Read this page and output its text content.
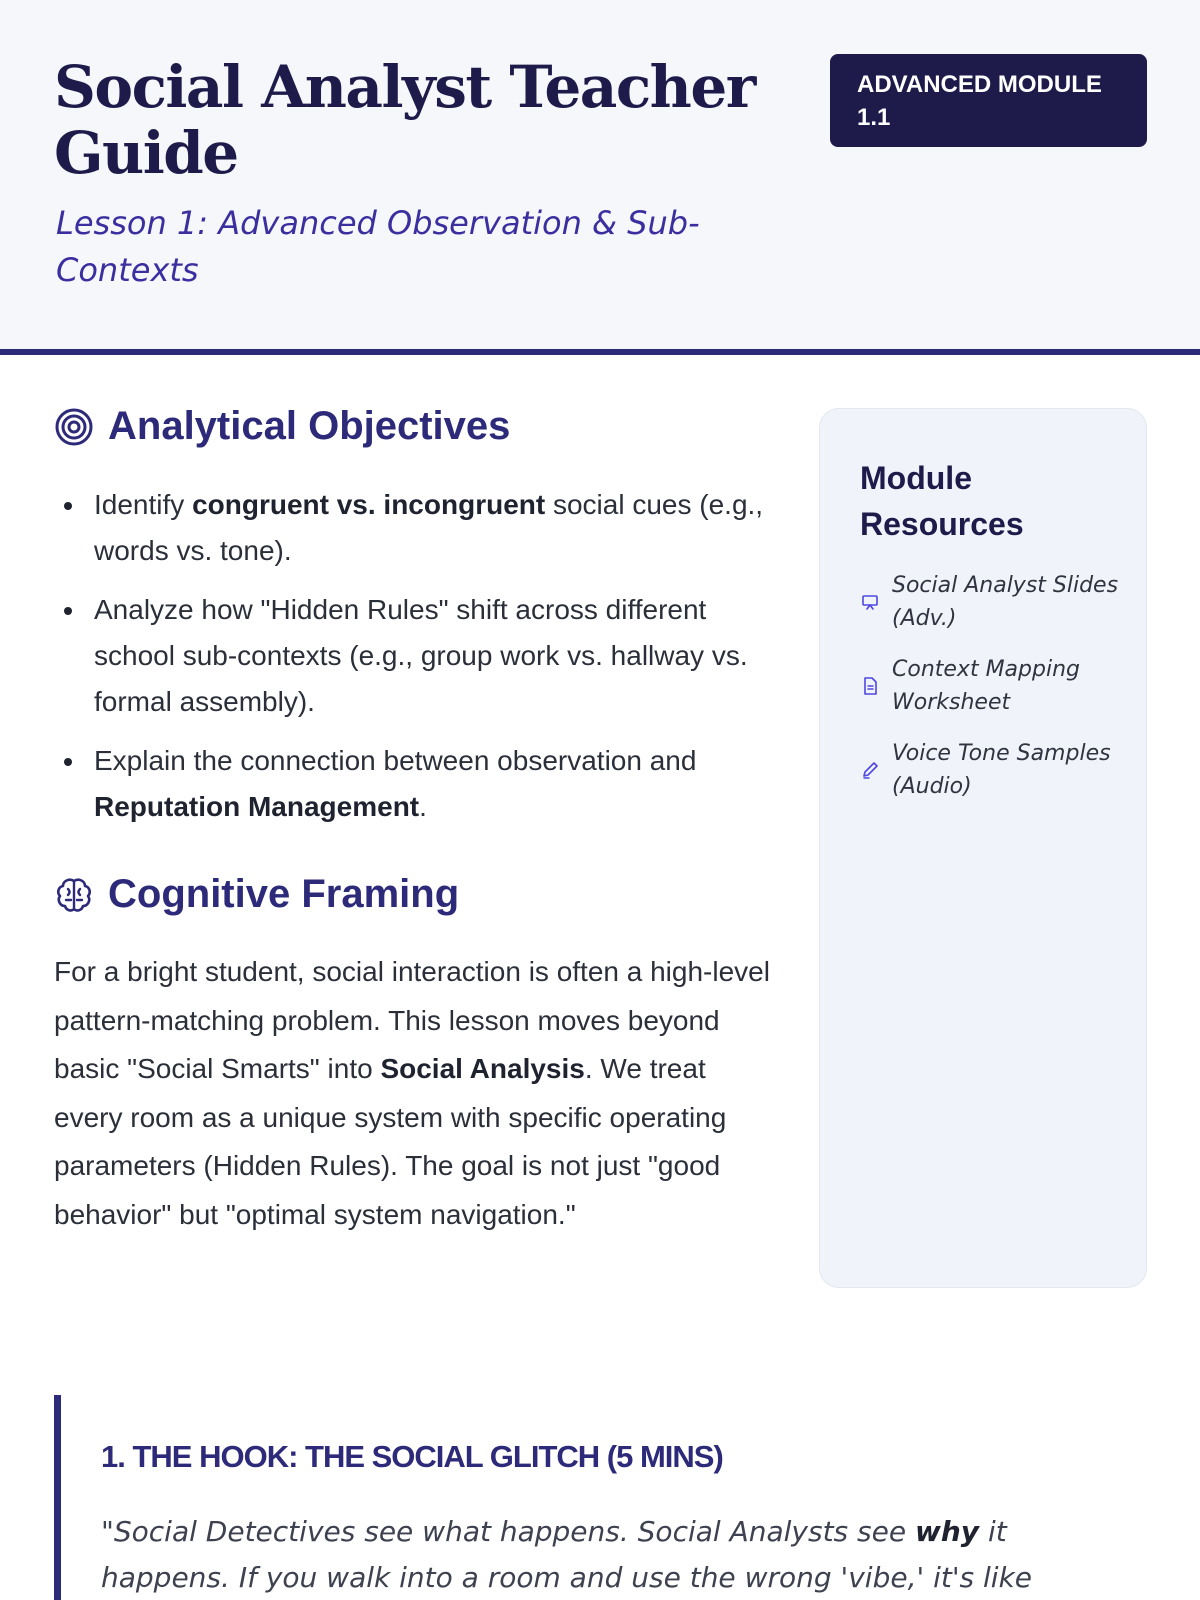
Social Analyst Teacher Guide
Lesson 1: Advanced Observation & Sub-Contexts
ADVANCED MODULE 1.1
Analytical Objectives
Identify congruent vs. incongruent social cues (e.g., words vs. tone).
Analyze how "Hidden Rules" shift across different school sub-contexts (e.g., group work vs. hallway vs. formal assembly).
Explain the connection between observation and Reputation Management.
Cognitive Framing

For a bright student, social interaction is often a high-level pattern-matching problem. This lesson moves beyond basic "Social Smarts" into Social Analysis. We treat every room as a unique system with specific operating parameters (Hidden Rules). The goal is not just "good behavior" but "optimal system navigation."

Module Resources
Social Analyst Slides (Adv.)
Context Mapping Worksheet
Voice Tone Samples (Audio)
1. THE HOOK: THE SOCIAL GLITCH (5 MINS)

"Social Detectives see what happens. Social Analysts see why it happens. If you walk into a room and use the wrong 'vibe,' it's like
